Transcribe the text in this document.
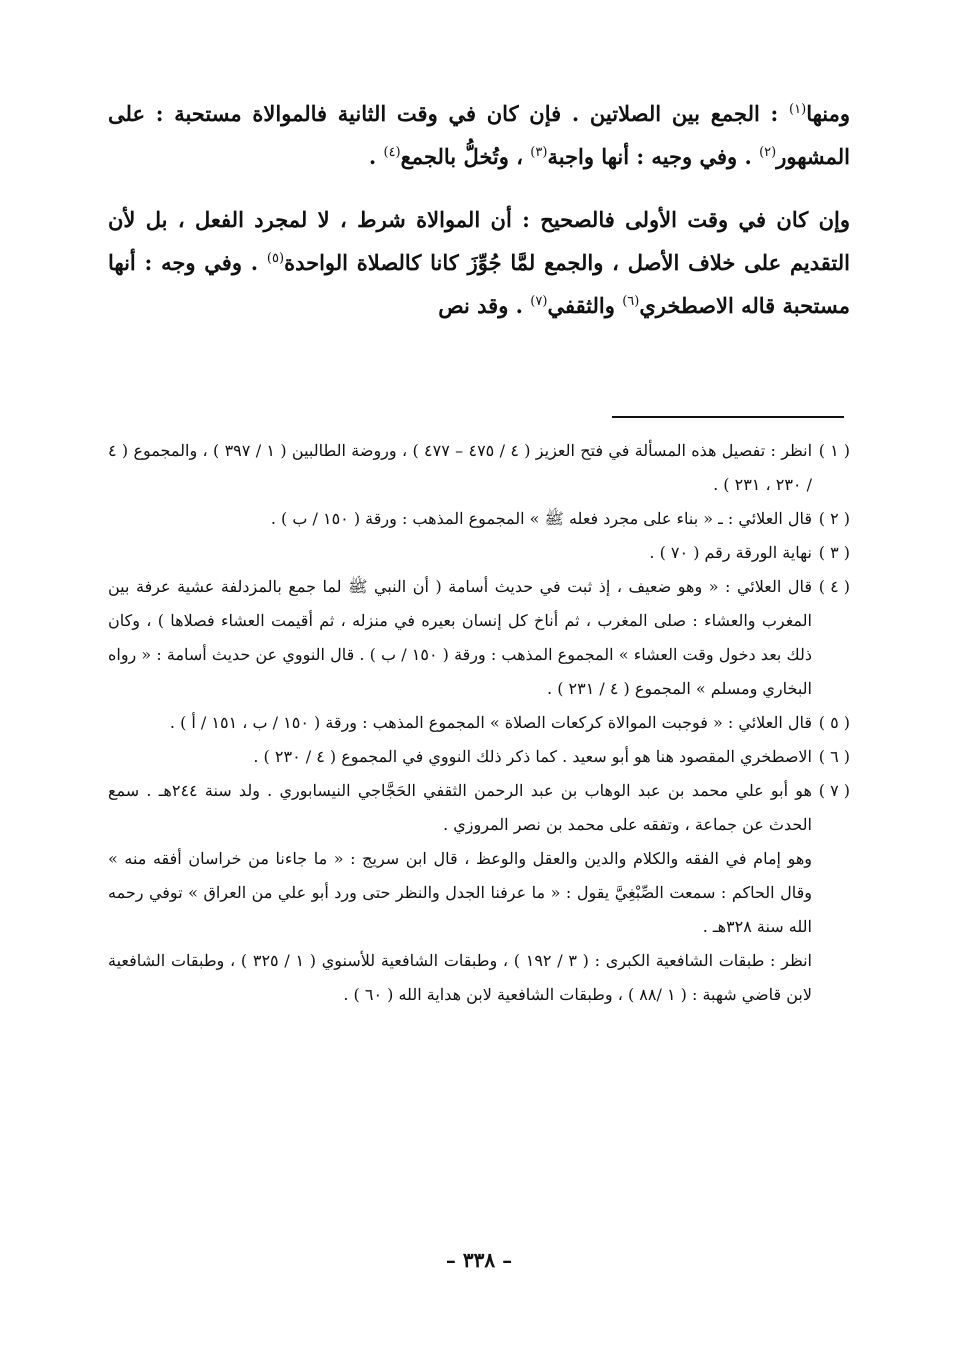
ومنها$^{(١)}$ : الجمع بين الصلاتين . فإن كان في وقت الثانية فالموالاة مستحبة : على المشهور$^{(٢)}$ . وفي وجيه : أنها واجبة$^{(٣)}$ ، وتُخلُّ بالجمع$^{(٤)}$ .

وإن كان في وقت الأولى فالصحيح : أن الموالاة شرط ، لا لمجرد الفعل ، بل لأن التقديم على خلاف الأصل ، والجمع لمَّا جُوِّزَ كانا كالصلاة الواحدة$^{(٥)}$ . وفي وجه : أنها مستحبة قاله الاصطخري$^{(٦)}$ والثقفي$^{(٧)}$ . وقد نص

( ١ )انظر : تفصيل هذه المسألة في فتح العزيز ( ٤ / ٤٧٥ – ٤٧٧ ) ، وروضة الطالبين ( ١ / ٣٩٧ ) ، والمجموع ( ٤ / ٢٣٠ ، ٢٣١ ) .

( ٢ )قال العلائي : ـ « بناء على مجرد فعله ﷺ » المجموع المذهب : ورقة ( ١٥٠ / ب ) .

( ٣ )نهاية الورقة رقم ( ٧٠ ) .

( ٤ )قال العلائي : « وهو ضعيف ، إذ ثبت في حديث أسامة ( أن النبي ﷺ لما جمع بالمزدلفة عشية عرفة بين المغرب والعشاء : صلى المغرب ، ثم أناخ كل إنسان بعيره في منزله ، ثم أقيمت العشاء فصلاها ) ، وكان ذلك بعد دخول وقت العشاء » المجموع المذهب : ورقة ( ١٥٠ / ب ) . قال النووي عن حديث أسامة : « رواه البخاري ومسلم » المجموع ( ٤ / ٢٣١ ) .

( ٥ )قال العلائي : « فوجبت الموالاة كركعات الصلاة » المجموع المذهب : ورقة ( ١٥٠ / ب ، ١٥١ / أ ) .

( ٦ )الاصطخري المقصود هنا هو أبو سعيد . كما ذكر ذلك النووي في المجموع ( ٤ / ٢٣٠ ) .

( ٧ )هو أبو علي محمد بن عبد الوهاب بن عبد الرحمن الثقفي الحَجَّاجي النيسابوري . ولد سنة ٢٤٤هـ . سمع الحدث عن جماعة ، وتفقه على محمد بن نصر المروزي .

وهو إمام في الفقه والكلام والدين والعقل والوعظ ، قال ابن سريج : « ما جاءنا من خراسان أفقه منه » وقال الحاكم : سمعت الصِّبْغِيَّ يقول : « ما عرفنا الجدل والنظر حتى ورد أبو علي من العراق » توفي رحمه الله سنة ٣٢٨هـ .

انظر : طبقات الشافعية الكبرى : ( ٣ / ١٩٢ ) ، وطبقات الشافعية للأسنوي ( ١ / ٣٢٥ ) ، وطبقات الشافعية لابن قاضي شهبة : ( ١ /٨٨ ) ، وطبقات الشافعية لابن هداية الله ( ٦٠ ) .

– ٣٣٨ –
